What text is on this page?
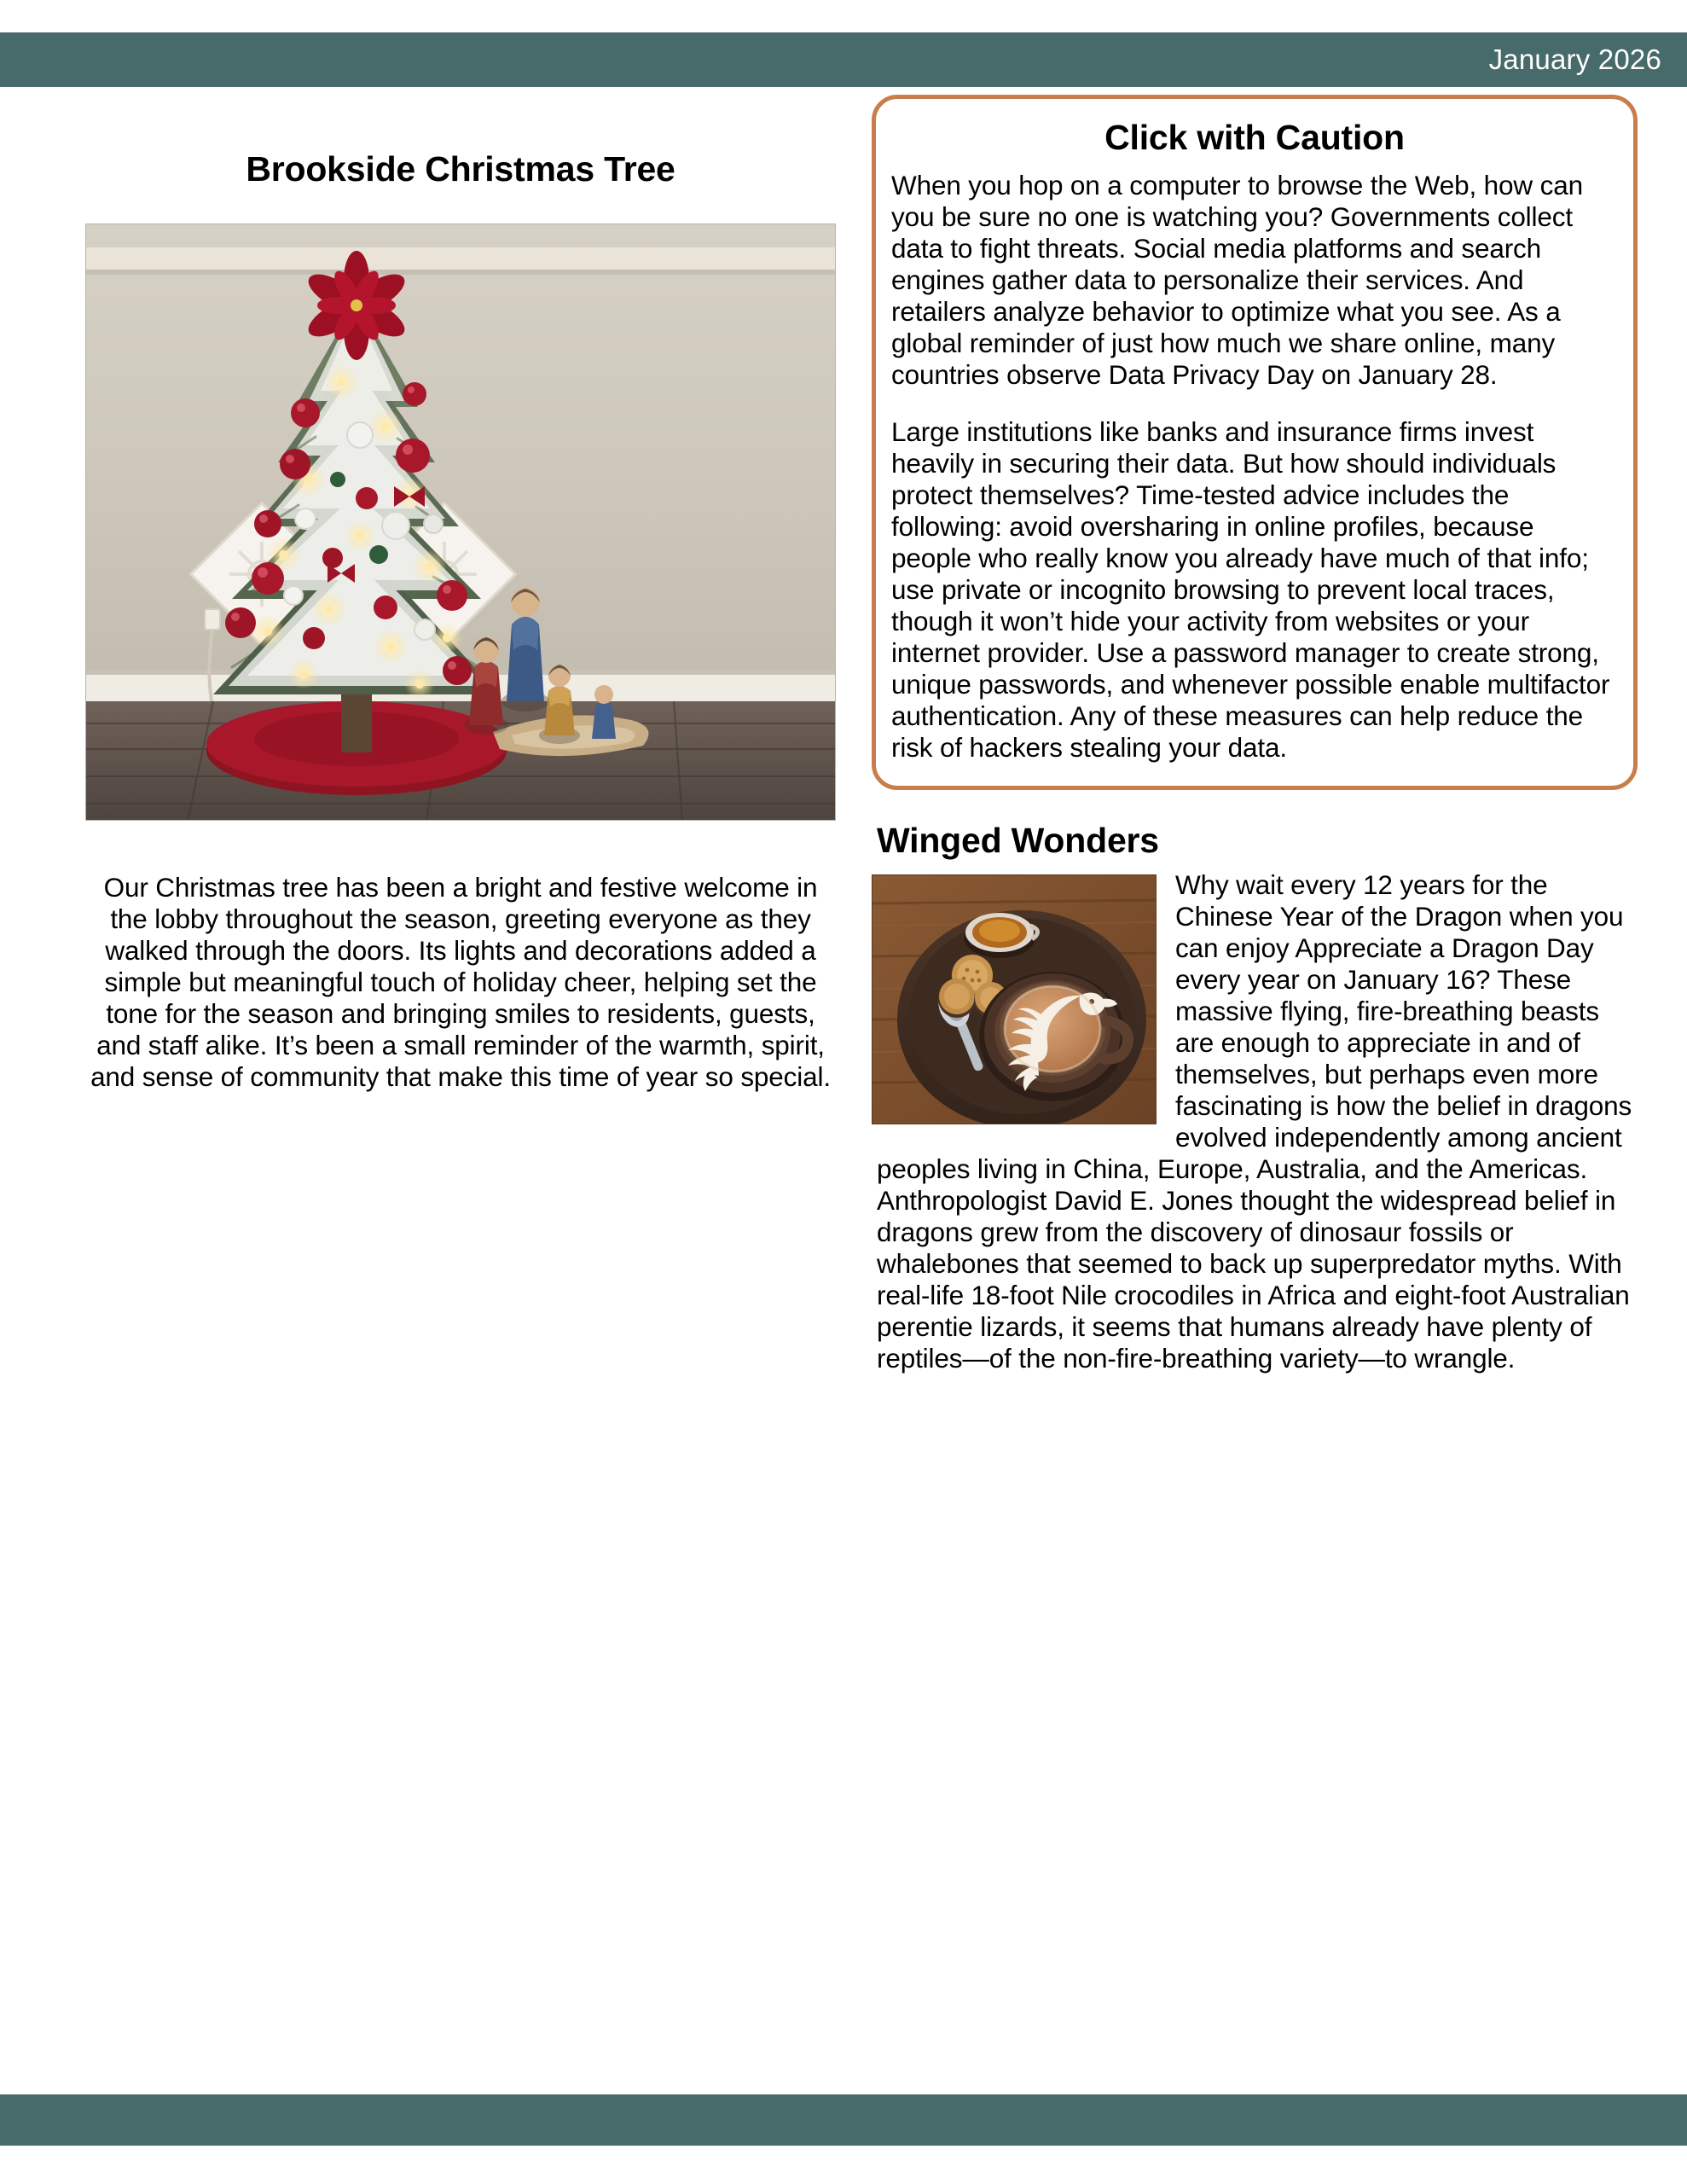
January 2026
Brookside Christmas Tree
Our Christmas tree has been a bright and festive welcome in the lobby throughout the season, greeting everyone as they walked through the doors. Its lights and decorations added a simple but meaningful touch of holiday cheer, helping set the tone for the season and bringing smiles to residents, guests, and staff alike. It’s been a small reminder of the warmth, spirit, and sense of community that make this time of year so special.
Click with Caution

When you hop on a computer to browse the Web, how can you be sure no one is watching you? Governments collect data to fight threats. Social media platforms and search engines gather data to personalize their services. And retailers analyze behavior to optimize what you see. As a global reminder of just how much we share online, many countries observe Data Privacy Day on January 28.

Large institutions like banks and insurance firms invest heavily in securing their data. But how should individuals protect themselves? Time-tested advice includes the following: avoid oversharing in online profiles, because people who really know you already have much of that info; use private or incognito browsing to prevent local traces, though it won’t hide your activity from websites or your internet provider. Use a password manager to create strong, unique passwords, and whenever possible enable multifactor authentication. Any of these measures can help reduce the risk of hackers stealing your data.

Winged Wonders
Why wait every 12 years for the Chinese Year of the Dragon when you can enjoy Appreciate a Dragon Day every year on January 16? These massive flying, fire-breathing beasts are enough to appreciate in and of themselves, but perhaps even more fascinating is how the belief in dragons evolved independently among ancient peoples living in China, Europe, Australia, and the Americas. Anthropologist David E. Jones thought the widespread belief in dragons grew from the discovery of dinosaur fossils or whalebones that seemed to back up superpredator myths. With real-life 18-foot Nile crocodiles in Africa and eight-foot Australian perentie lizards, it seems that humans already have plenty of reptiles—of the non-fire-breathing variety—to wrangle.
